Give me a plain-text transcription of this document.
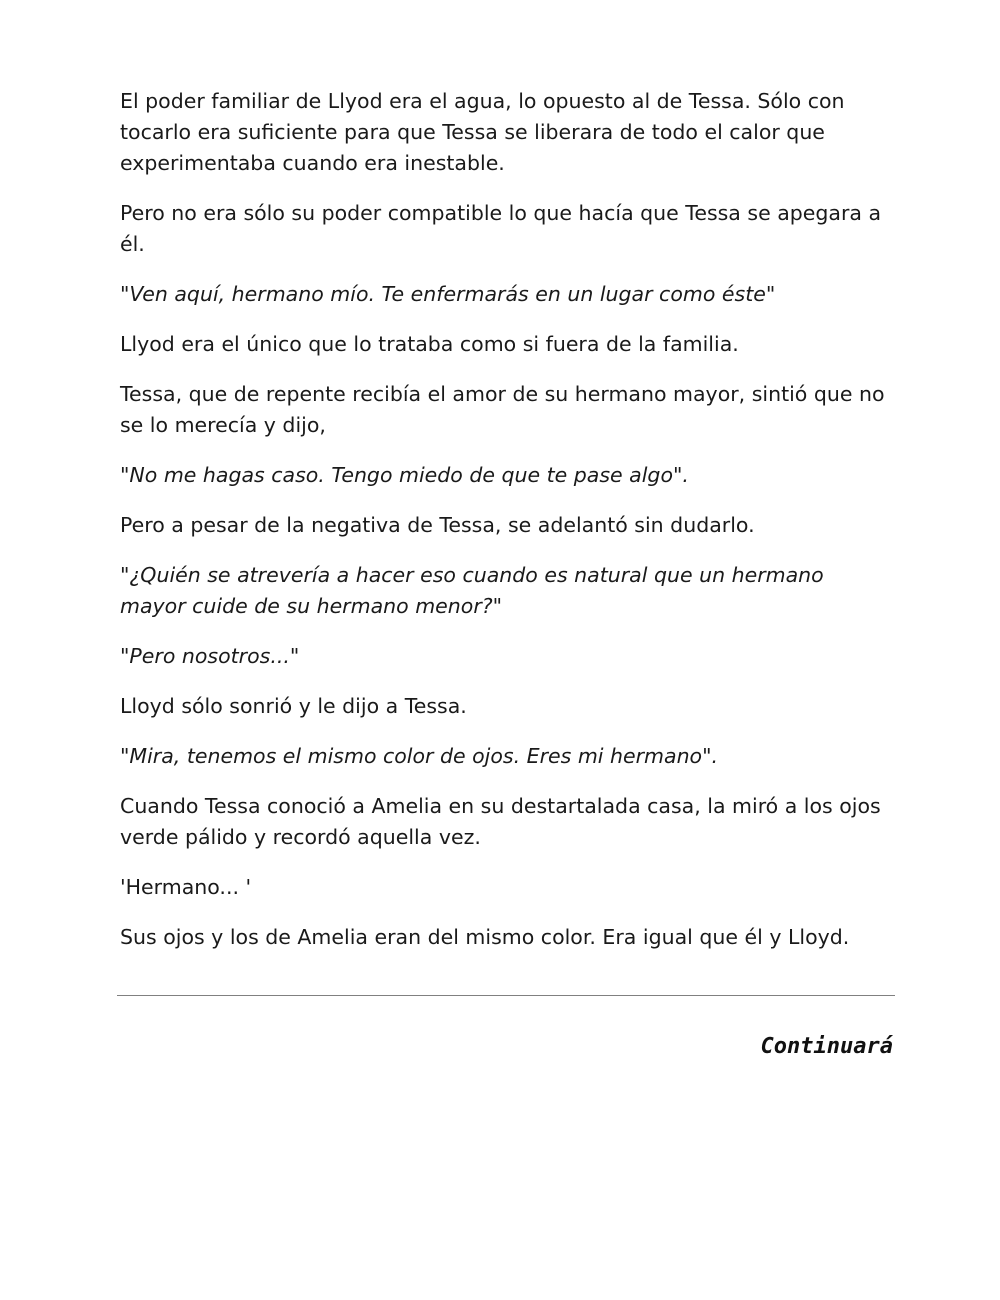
El poder familiar de Llyod era el agua, lo opuesto al de Tessa. Sólo con tocarlo era suficiente para que Tessa se liberara de todo el calor que experimentaba cuando era inestable.

Pero no era sólo su poder compatible lo que hacía que Tessa se apegara a él.

"Ven aquí, hermano mío. Te enfermarás en un lugar como éste"

Llyod era el único que lo trataba como si fuera de la familia.

Tessa, que de repente recibía el amor de su hermano mayor, sintió que no se lo merecía y dijo,

"No me hagas caso. Tengo miedo de que te pase algo".

Pero a pesar de la negativa de Tessa, se adelantó sin dudarlo.

"¿Quién se atrevería a hacer eso cuando es natural que un hermano mayor cuide de su hermano menor?"

"Pero nosotros..."

Lloyd sólo sonrió y le dijo a Tessa.

"Mira, tenemos el mismo color de ojos. Eres mi hermano".

Cuando Tessa conoció a Amelia en su destartalada casa, la miró a los ojos verde pálido y recordó aquella vez.

'Hermano... '

Sus ojos y los de Amelia eran del mismo color. Era igual que él y Lloyd.

Continuará
